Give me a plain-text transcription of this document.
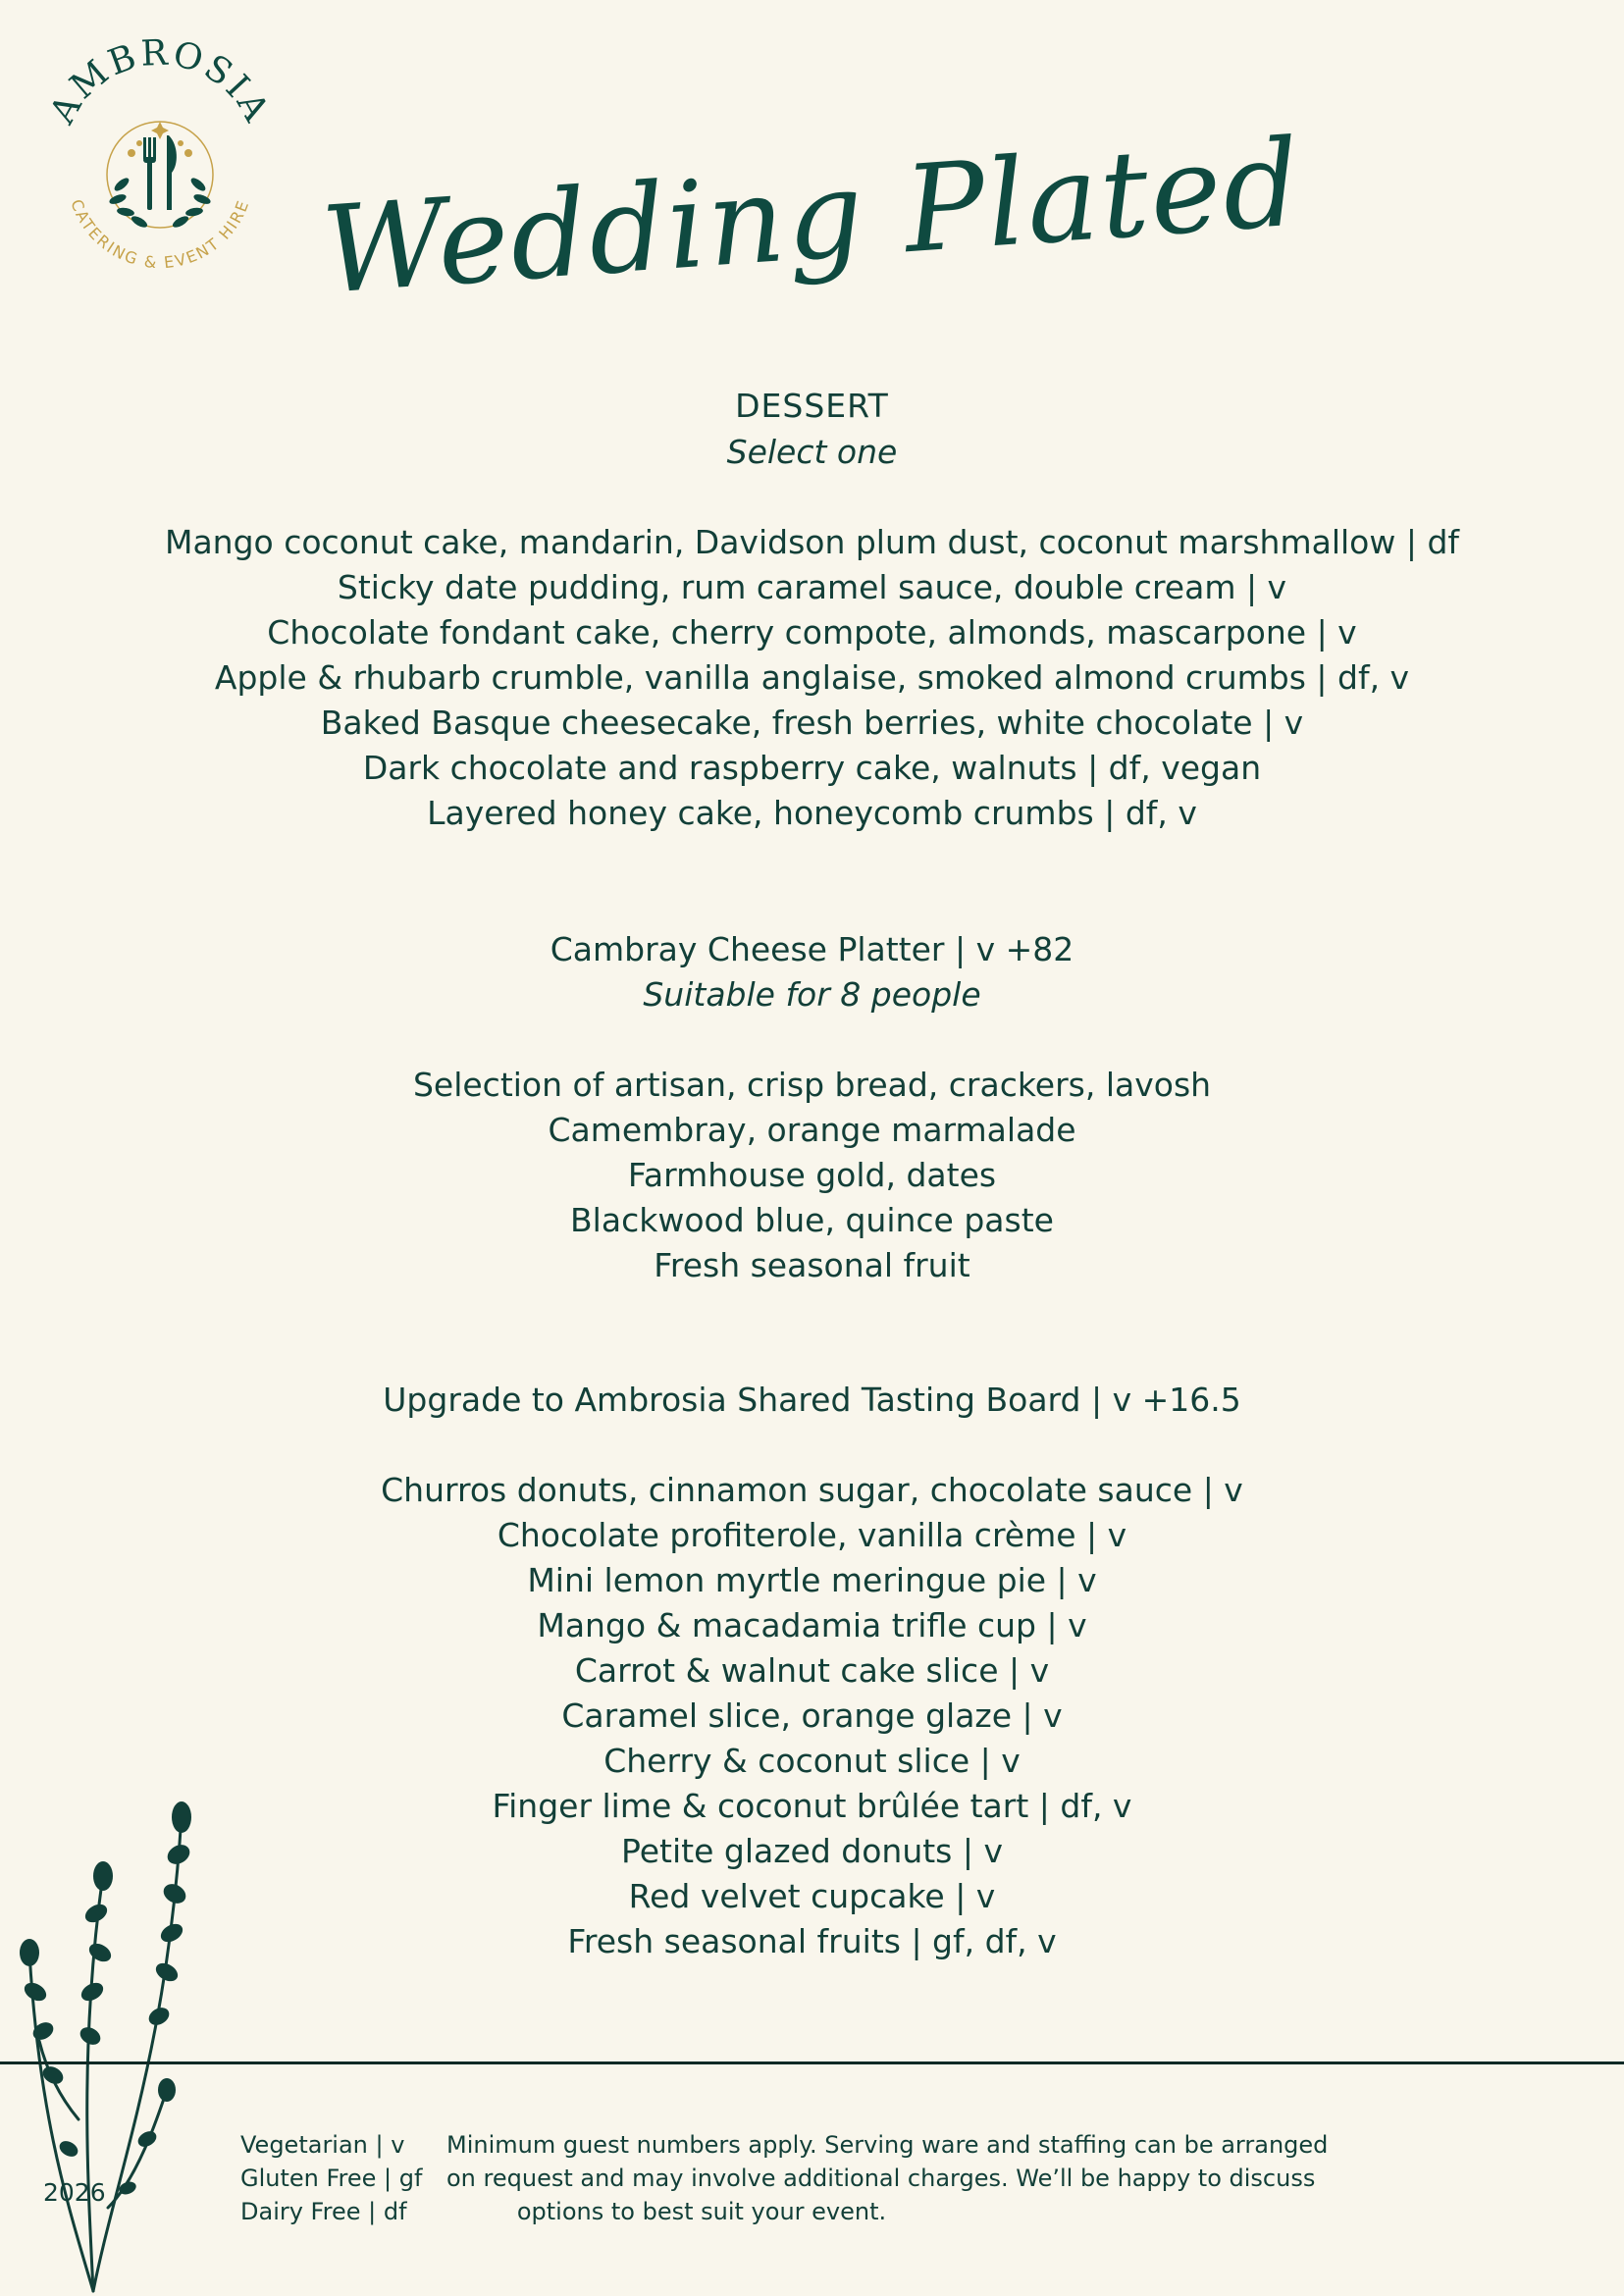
AMBROSIA
CATERING & EVENT HIRE Wedding Plated
DESSERT
Select one
Mango coconut cake, mandarin, Davidson plum dust, coconut marshmallow | df
Sticky date pudding, rum caramel sauce, double cream | v
Chocolate fondant cake, cherry compote, almonds, mascarpone | v
Apple & rhubarb crumble, vanilla anglaise, smoked almond crumbs | df, v
Baked Basque cheesecake, fresh berries, white chocolate | v
Dark chocolate and raspberry cake, walnuts | df, vegan
Layered honey cake, honeycomb crumbs | df, v
Cambray Cheese Platter | v +82
Suitable for 8 people
Selection of artisan, crisp bread, crackers, lavosh
Camembray, orange marmalade
Farmhouse gold, dates
Blackwood blue, quince paste
Fresh seasonal fruit
Upgrade to Ambrosia Shared Tasting Board | v +16.5
Churros donuts, cinnamon sugar, chocolate sauce | v
Chocolate profiterole, vanilla crème | v
Mini lemon myrtle meringue pie | v
Mango & macadamia trifle cup | v
Carrot & walnut cake slice | v
Caramel slice, orange glaze | v
Cherry & coconut slice | v
Finger lime & coconut brûlée tart | df, v
Petite glazed donuts | v
Red velvet cupcake | v
Fresh seasonal fruits | gf, df, v
2026
Vegetarian | v
Gluten Free | gf
Dairy Free | df
Minimum guest numbers apply. Serving ware and staffing can be arranged
on request and may involve additional charges. We’ll be happy to discuss
options to best suit your event.
